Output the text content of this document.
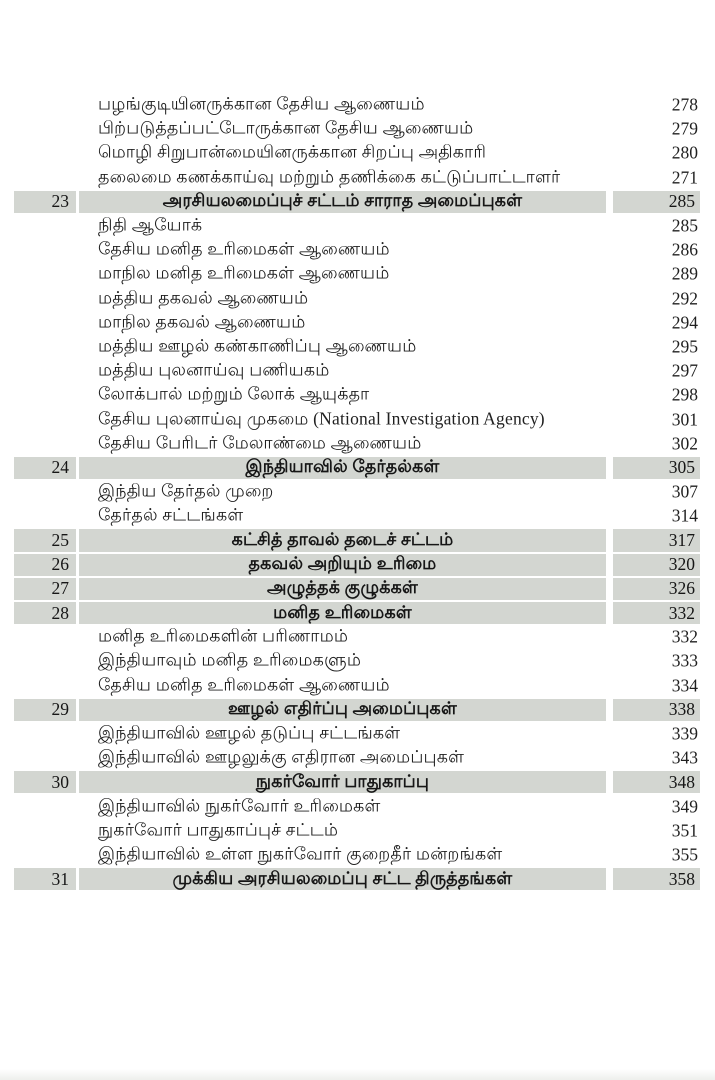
பழங்குடியினருக்கான தேசிய ஆணையம்	278
பிற்படுத்தப்பட்டோருக்கான தேசிய ஆணையம்	279
மொழி சிறுபான்மையினருக்கான சிறப்பு அதிகாரி	280
தலைமை கணக்காய்வு மற்றும் தணிக்கை கட்டுப்பாட்டாளர்	271
23	அரசியலமைப்புச் சட்டம் சாராத அமைப்புகள்	285
நிதி ஆயோக்	285
தேசிய மனித உரிமைகள் ஆணையம்	286
மாநில மனித உரிமைகள் ஆணையம்	289
மத்திய தகவல் ஆணையம்	292
மாநில தகவல் ஆணையம்	294
மத்திய ஊழல் கண்காணிப்பு ஆணையம்	295
மத்திய புலனாய்வு பணியகம்	297
லோக்பால் மற்றும் லோக் ஆயுக்தா	298
தேசிய புலனாய்வு முகமை (National Investigation Agency)	301
தேசிய பேரிடர் மேலாண்மை ஆணையம்	302
24	இந்தியாவில் தேர்தல்கள்	305
இந்திய தேர்தல் முறை	307
தேர்தல் சட்டங்கள்	314
25	கட்சித் தாவல் தடைச் சட்டம்	317
26	தகவல் அறியும் உரிமை	320
27	அழுத்தக் குழுக்கள்	326
28	மனித உரிமைகள்	332
மனித உரிமைகளின் பரிணாமம்	332
இந்தியாவும் மனித உரிமைகளும்	333
தேசிய மனித உரிமைகள் ஆணையம்	334
29	ஊழல் எதிர்ப்பு அமைப்புகள்	338
இந்தியாவில் ஊழல் தடுப்பு சட்டங்கள்	339
இந்தியாவில் ஊழலுக்கு எதிரான அமைப்புகள்	343
30	நுகர்வோர் பாதுகாப்பு	348
இந்தியாவில் நுகர்வோர் உரிமைகள்	349
நுகர்வோர் பாதுகாப்புச் சட்டம்	351
இந்தியாவில் உள்ள நுகர்வோர் குறைதீர் மன்றங்கள்	355
31	முக்கிய அரசியலமைப்பு சட்ட திருத்தங்கள்	358
